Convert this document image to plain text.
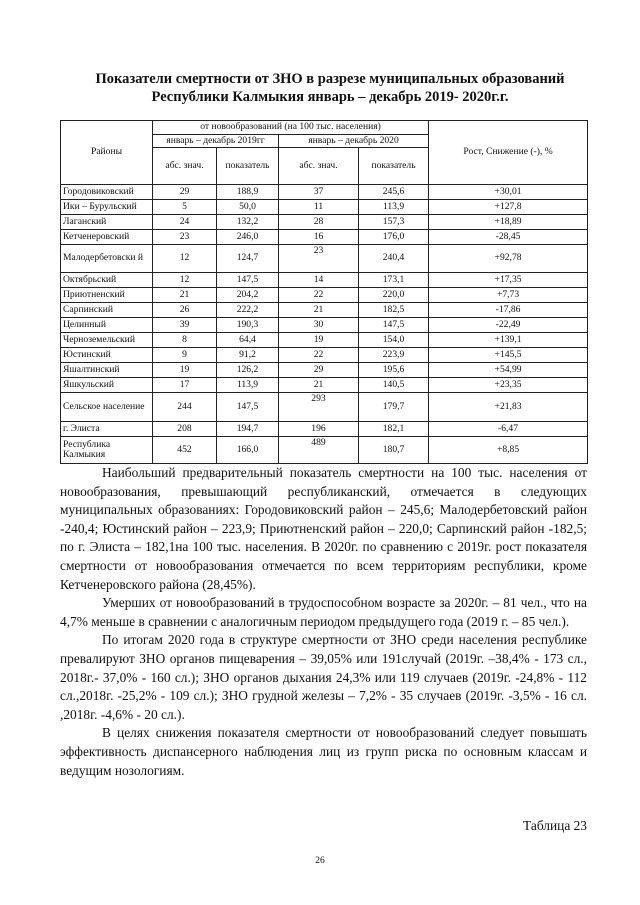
Показатели смертности от ЗНО в разрезе муниципальных образований
Республики Калмыкия январь – декабрь 2019- 2020г.г.
Районы	от новообразований (на 100 тыс. населения)				Рост, Снижение (-), %
	январь – декабрь 2019гг		январь – декабрь 2020		
	абс. знач.	показатель	абс. знач.	показатель	
Городовиковский	29	188,9	37	245,6	+30,01
Ики – Бурульский	5	50,0	11	113,9	+127,8
Лаганский	24	132,2	28	157,3	+18,89
Кетченеровский	23	246,0	16	176,0	-28,45
Малодербетовски й	12	124,7	23	240,4	+92,78
Октябрьский	12	147,5	14	173,1	+17,35
Приютненский	21	204,2	22	220,0	+7,73
Сарпинский	26	222,2	21	182,5	-17,86
Целинный	39	190,3	30	147,5	-22,49
Черноземельский	8	64,4	19	154,0	+139,1
Юстинский	9	91,2	22	223,9	+145,5
Яшалтинский	19	126,2	29	195,6	+54,99
Яшкульский	17	113,9	21	140,5	+23,35
Сельское население	244	147,5	293	179,7	+21,83
г. Элиста	208	194,7	196	182,1	-6,47
Республика Калмыкия	452	166,0	489	180,7	+8,85

Наибольший предварительный показатель смертности на 100 тыс. населения от новообразования, превышающий республиканский, отмечается в следующих муниципальных образованиях: Городовиковский район – 245,6; Малодербетовский район -240,4; Юстинский район – 223,9; Приютненский район – 220,0; Сарпинский район -182,5; по г. Элиста – 182,1на 100 тыс. населения. В 2020г. по сравнению с 2019г. рост показателя смертности от новообразования отмечается по всем территориям республики, кроме Кетченеровского района (28,45%).

Умерших от новообразований в трудоспособном возрасте за 2020г. – 81 чел., что на 4,7% меньше в сравнении с аналогичным периодом предыдущего года (2019 г. – 85 чел.).

По итогам 2020 года в структуре смертности от ЗНО среди населения республике превалируют ЗНО органов пищеварения – 39,05% или 191случай (2019г. –38,4% - 173 сл., 2018г.- 37,0% - 160 сл.); ЗНО органов дыхания 24,3% или 119 случаев (2019г. -24,8% - 112 сл.,2018г. -25,2% - 109 сл.); ЗНО грудной железы – 7,2% - 35 случаев (2019г. -3,5% - 16 сл. ,2018г. -4,6% - 20 сл.).

В целях снижения показателя смертности от новообразований следует повышать эффективность диспансерного наблюдения лиц из групп риска по основным классам и ведущим нозологиям.

Таблица 23
26
